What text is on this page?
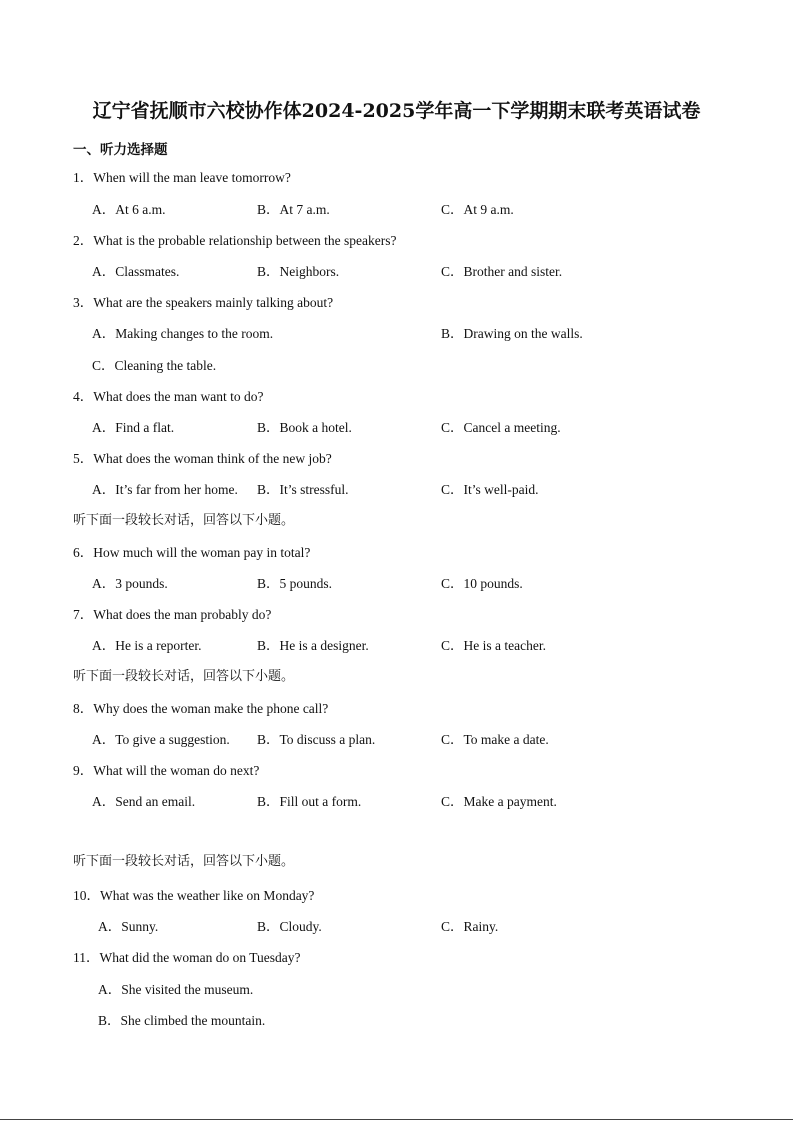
辽宁省抚顺市六校协作体2024-2025学年高一下学期期末联考英语试卷
一、听力选择题
1．When will the man leave tomorrow?
A．At 6 a.m.	B．At 7 a.m.	C．At 9 a.m.
2．What is the probable relationship between the speakers?
A．Classmates.	B．Neighbors.	C．Brother and sister.
3．What are the speakers mainly talking about?
A．Making changes to the room.	B．Drawing on the walls.
C．Cleaning the table.
4．What does the man want to do?
A．Find a flat.	B．Book a hotel.	C．Cancel a meeting.
5．What does the woman think of the new job?
A．It’s far from her home. B．It’s stressful.	C．It’s well-paid.
听下面一段较长对话，回答以下小题。
6．How much will the woman pay in total?
A．3 pounds.	B．5 pounds.	C．10 pounds.
7．What does the man probably do?
A．He is a reporter.	B．He is a designer.	C．He is a teacher.
听下面一段较长对话，回答以下小题。
8．Why does the woman make the phone call?
A．To give a suggestion. B．To discuss a plan.	C．To make a date.
9．What will the woman do next?
A．Send an email.	B．Fill out a form.	C．Make a payment.
听下面一段较长对话，回答以下小题。
10．What was the weather like on Monday?
A．Sunny.	B．Cloudy.	C．Rainy.
11．What did the woman do on Tuesday?
A．She visited the museum.
B．She climbed the mountain.
